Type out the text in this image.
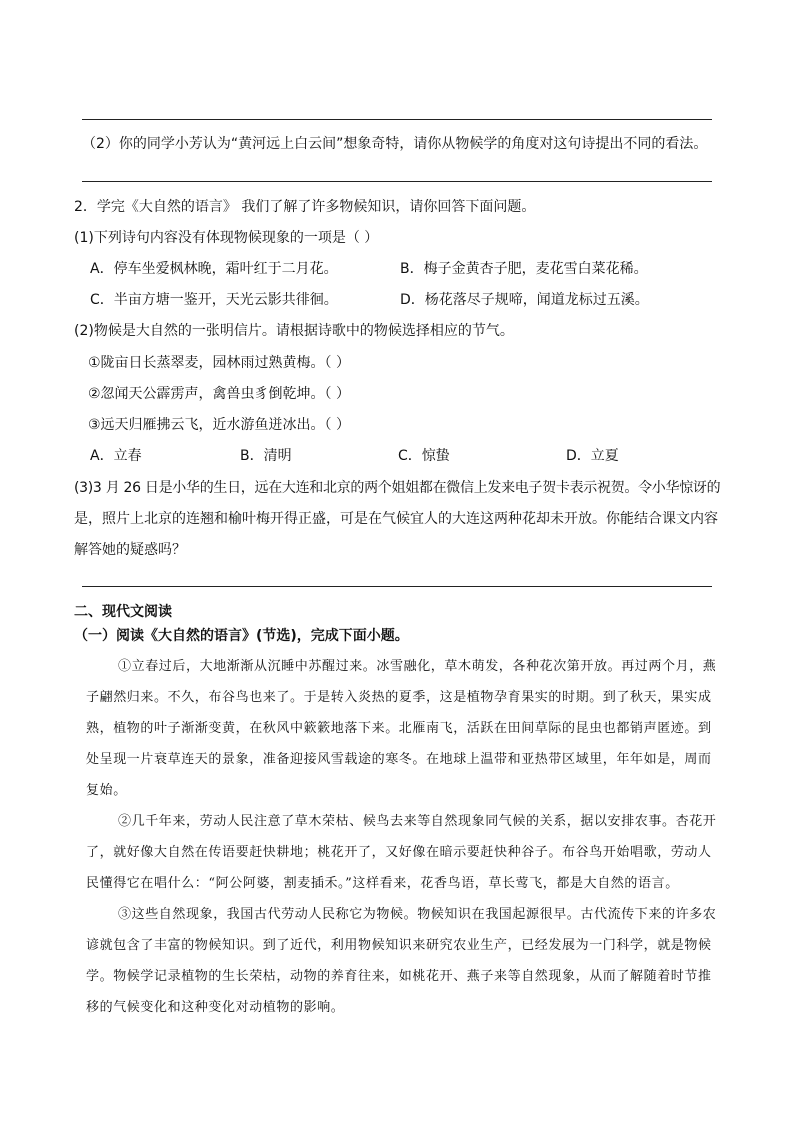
（2）你的同学小芳认为“黄河远上白云间”想象奇特，请你从物候学的角度对这句诗提出不同的看法。
2．学完《大自然的语言》 我们了解了许多物候知识，请你回答下面问题。
(1)下列诗句内容没有体现物候现象的一项是（ ）
A．停车坐爱枫林晚，霜叶红于二月花。	B．梅子金黄杏子肥，麦花雪白菜花稀。
C．半亩方塘一鉴开，天光云影共徘徊。	D．杨花落尽子规啼，闻道龙标过五溪。
(2)物候是大自然的一张明信片。请根据诗歌中的物候选择相应的节气。
①陇亩日长蒸翠麦，园林雨过熟黄梅。（ ）
②忽闻天公霹雳声，禽兽虫豸倒乾坤。（ ）
③远天归雁拂云飞，近水游鱼迸冰出。（ ）
A．立春	B．清明	C．惊蛰	D．立夏
(3)3 月 26 日是小华的生日，远在大连和北京的两个姐姐都在微信上发来电子贺卡表示祝贺。令小华惊讶的
是，照片上北京的连翘和榆叶梅开得正盛，可是在气候宜人的大连这两种花却未开放。你能结合课文内容
解答她的疑惑吗？
二、现代文阅读
（一）阅读《大自然的语言》(节选)，完成下面小题。
①立春过后，大地渐渐从沉睡中苏醒过来。冰雪融化，草木萌发，各种花次第开放。再过两个月，燕
子翩然归来。不久，布谷鸟也来了。于是转入炎热的夏季，这是植物孕育果实的时期。到了秋天，果实成
熟，植物的叶子渐渐变黄，在秋风中簌簌地落下来。北雁南飞，活跃在田间草际的昆虫也都销声匿迹。到
处呈现一片衰草连天的景象，准备迎接风雪载途的寒冬。在地球上温带和亚热带区域里，年年如是，周而
复始。
②几千年来，劳动人民注意了草木荣枯、候鸟去来等自然现象同气候的关系，据以安排农事。杏花开
了，就好像大自然在传语要赶快耕地；桃花开了，又好像在暗示要赶快种谷子。布谷鸟开始唱歌，劳动人
民懂得它在唱什么：“阿公阿婆，割麦插禾。”这样看来，花香鸟语，草长莺飞，都是大自然的语言。
③这些自然现象，我国古代劳动人民称它为物候。物候知识在我国起源很早。古代流传下来的许多农
谚就包含了丰富的物候知识。到了近代，利用物候知识来研究农业生产，已经发展为一门科学，就是物候
学。物候学记录植物的生长荣枯，动物的养育往来，如桃花开、燕子来等自然现象，从而了解随着时节推
移的气候变化和这种变化对动植物的影响。
